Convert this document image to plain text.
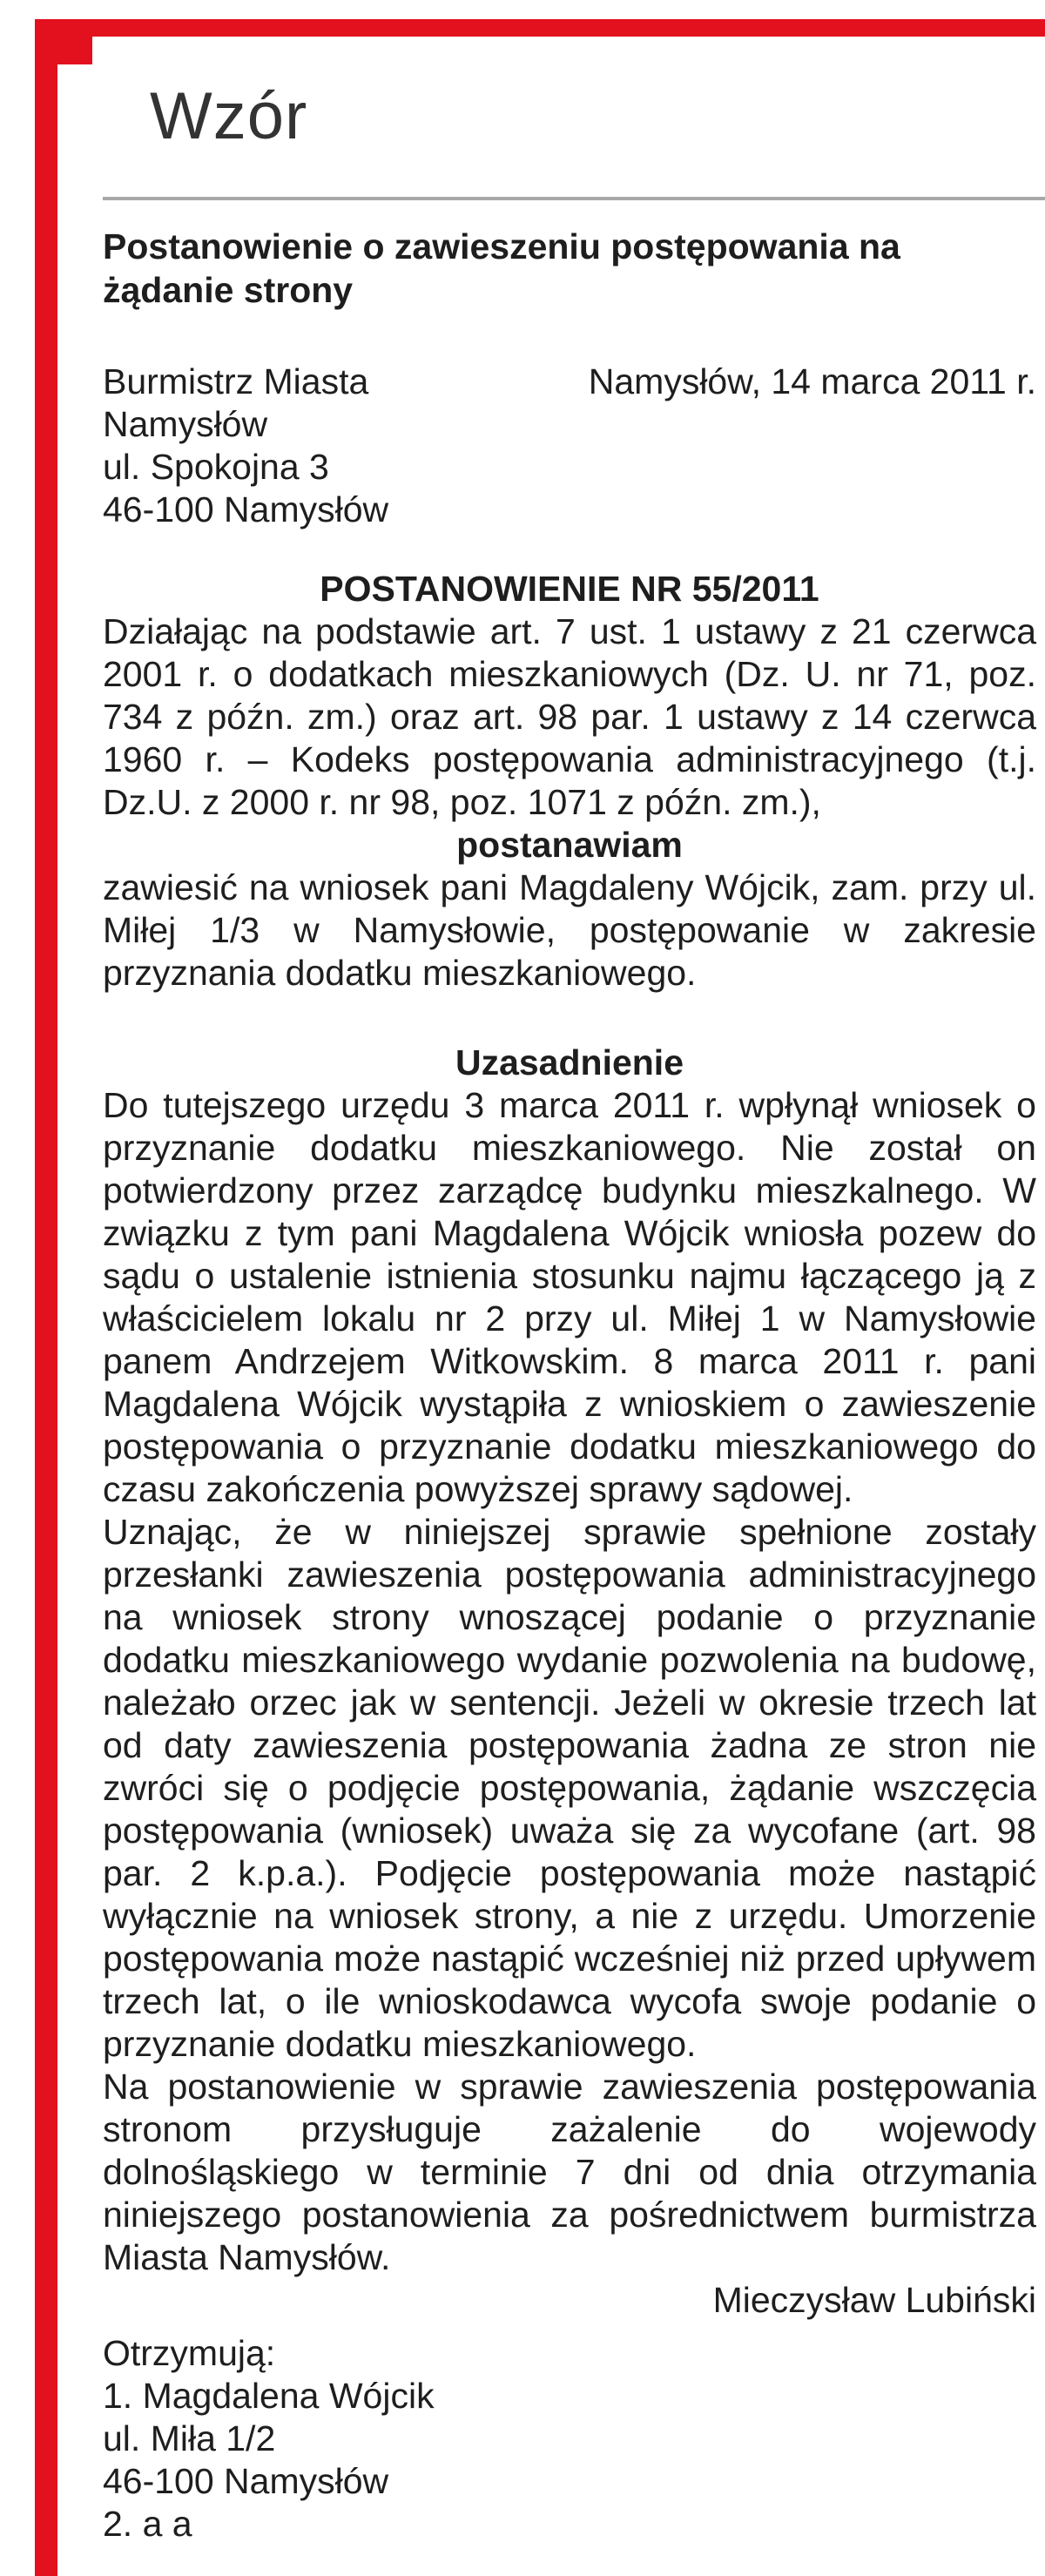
Wzór
Postanowienie o zawieszeniu postępowania na żądanie strony
Burmistrz Miasta
Namysłów
ul. Spokojna 3
46-100 Namysłów
Namysłów, 14 marca 2011 r.
POSTANOWIENIE NR 55/2011
Działając na podstawie art. 7 ust. 1 ustawy z 21 czerwca 2001 r. o dodatkach mieszkaniowych (Dz. U. nr 71, poz. 734 z późn. zm.) oraz art. 98 par. 1 ustawy z 14 czerwca 1960 r. – Kodeks postępowania administracyjnego (t.j. Dz.U. z 2000 r. nr 98, poz. 1071 z późn. zm.),
postanawiam
zawiesić na wniosek pani Magdaleny Wójcik, zam. przy ul. Miłej 1/3 w Namysłowie, postępowanie w zakresie przyznania dodatku mieszkaniowego.
Uzasadnienie
Do tutejszego urzędu 3 marca 2011 r. wpłynął wniosek o przyznanie dodatku mieszkaniowego. Nie został on potwierdzony przez zarządcę budynku mieszkalnego. W związku z tym pani Magdalena Wójcik wniosła pozew do sądu o ustalenie istnienia stosunku najmu łączącego ją z właścicielem lokalu nr 2 przy ul. Miłej 1 w Namysłowie panem Andrzejem Witkowskim. 8 marca 2011 r. pani Magdalena Wójcik wystąpiła z wnioskiem o zawieszenie postępowania o przyznanie dodatku mieszkaniowego do czasu zakończenia powyższej sprawy sądowej.
Uznając, że w niniejszej sprawie spełnione zostały przesłanki zawieszenia postępowania administracyjnego na wniosek strony wnoszącej podanie o przyznanie dodatku mieszkaniowego wydanie pozwolenia na budowę, należało orzec jak w sentencji. Jeżeli w okresie trzech lat od daty zawieszenia postępowania żadna ze stron nie zwróci się o podjęcie postępowania, żądanie wszczęcia postępowania (wniosek) uważa się za wycofane (art. 98 par. 2 k.p.a.). Podjęcie postępowania może nastąpić wyłącznie na wniosek strony, a nie z urzędu. Umorzenie postępowania może nastąpić wcześniej niż przed upływem trzech lat, o ile wnioskodawca wycofa swoje podanie o przyznanie dodatku mieszkaniowego.
Na postanowienie w sprawie zawieszenia postępowania stronom przysługuje zażalenie do wojewody dolnośląskiego w terminie 7 dni od dnia otrzymania niniejszego postanowienia za pośrednictwem burmistrza Miasta Namysłów.
Mieczysław Lubiński
Otrzymują:
1. Magdalena Wójcik
ul. Miła 1/2
46-100 Namysłów
2. a a
